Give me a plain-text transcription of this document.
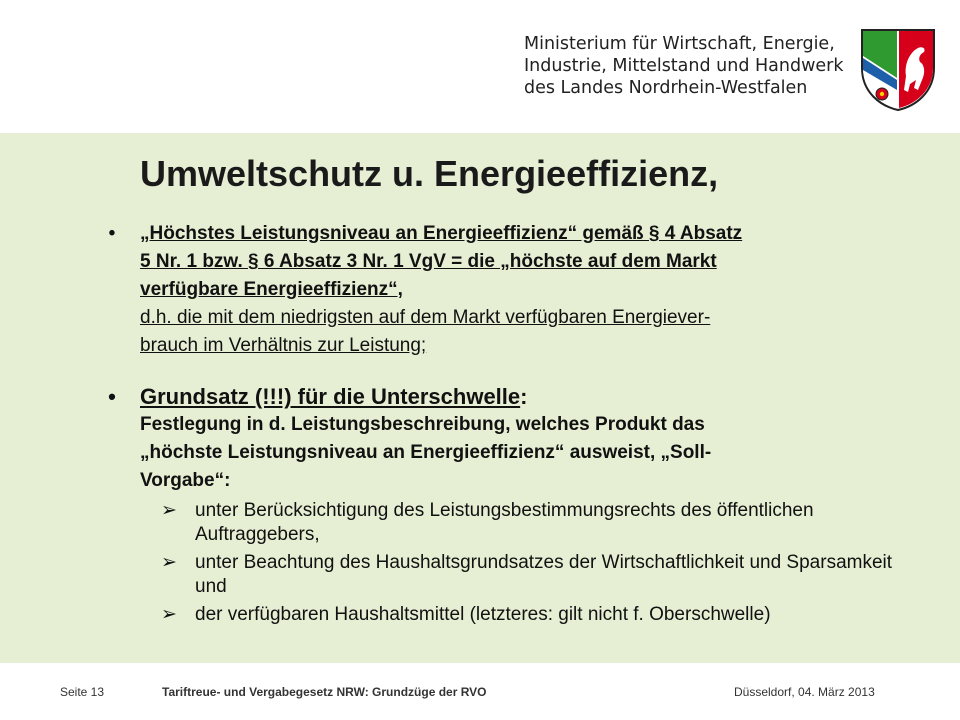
Ministerium für Wirtschaft, Energie,
Industrie, Mittelstand und Handwerk
des Landes Nordrhein-Westfalen
Umweltschutz u. Energieeffizienz,
•	„Höchstes Leistungsniveau an Energieeffizienz“ gemäß § 4 Absatz
5 Nr. 1 bzw. § 6 Absatz 3 Nr. 1 VgV = die „höchste auf dem Markt
verfügbare Energieeffizienz“,
d.h. die mit dem niedrigsten auf dem Markt verfügbaren Energiever-
brauch im Verhältnis zur Leistung;
• Grundsatz (!!!) für die Unterschwelle:
Festlegung in d. Leistungsbeschreibung, welches Produkt das
„höchste Leistungsniveau an Energieeffizienz“ ausweist, „Soll-
Vorgabe“:
➢ unter Berücksichtigung des Leistungsbestimmungsrechts des öffentlichen Auftraggebers,
➢ unter Beachtung des Haushaltsgrundsatzes der Wirtschaftlichkeit und Sparsamkeit und
➢ der verfügbaren Haushaltsmittel (letzteres: gilt nicht f. Oberschwelle)
Seite 13	Tariftreue- und Vergabegesetz NRW: Grundzüge der RVO	Düsseldorf, 04. März 2013
